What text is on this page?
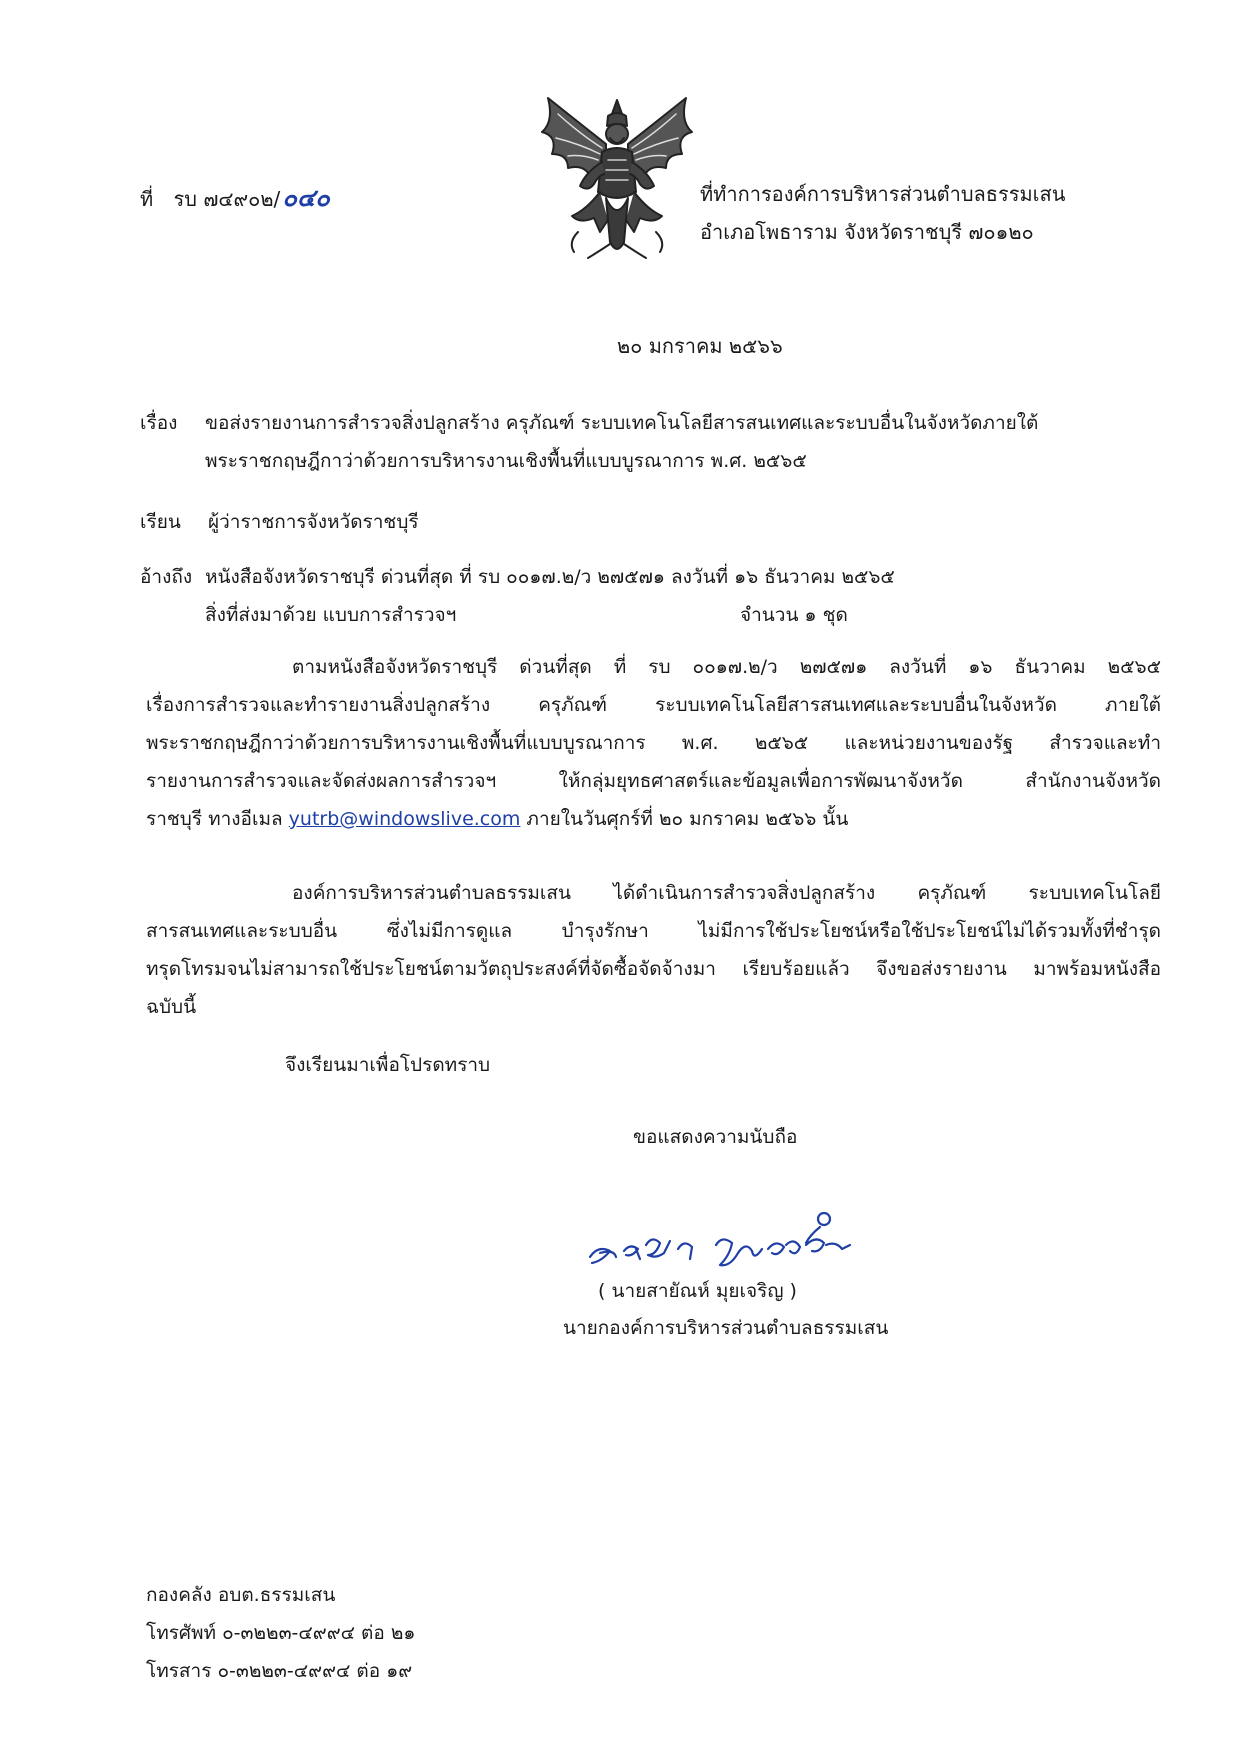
ที่ รบ ๗๔๙๐๒/๐๔๐	ที่ทำการองค์การบริหารส่วนตำบลธรรมเสน
อำเภอโพธาราม จังหวัดราชบุรี ๗๐๑๒๐
๒๐ มกราคม ๒๕๖๖
เรื่อง ขอส่งรายงานการสำรวจสิ่งปลูกสร้าง ครุภัณฑ์ ระบบเทคโนโลยีสารสนเทศและระบบอื่นในจังหวัดภายใต้
พระราชกฤษฎีกาว่าด้วยการบริหารงานเชิงพื้นที่แบบบูรณาการ พ.ศ. ๒๕๖๕
เรียน ผู้ว่าราชการจังหวัดราชบุรี
อ้างถึง หนังสือจังหวัดราชบุรี ด่วนที่สุด ที่ รบ ๐๐๑๗.๒/ว ๒๗๕๗๑ ลงวันที่ ๑๖ ธันวาคม ๒๕๖๕
สิ่งที่ส่งมาด้วย แบบการสำรวจฯ	จำนวน ๑ ชุด
ตามหนังสือจังหวัดราชบุรี ด่วนที่สุด ที่ รบ ๐๐๑๗.๒/ว ๒๗๕๗๑ ลงวันที่ ๑๖ ธันวาคม ๒๕๖๕
เรื่องการสำรวจและทำรายงานสิ่งปลูกสร้าง ครุภัณฑ์ ระบบเทคโนโลยีสารสนเทศและระบบอื่นในจังหวัด ภายใต้
พระราชกฤษฎีกาว่าด้วยการบริหารงานเชิงพื้นที่แบบบูรณาการ พ.ศ. ๒๕๖๕ และหน่วยงานของรัฐ สำรวจและทำ
รายงานการสำรวจและจัดส่งผลการสำรวจฯ ให้กลุ่มยุทธศาสตร์และข้อมูลเพื่อการพัฒนาจังหวัด สำนักงานจังหวัด
ราชบุรี ทางอีเมล yutrb@windowslive.com ภายในวันศุกร์ที่ ๒๐ มกราคม ๒๕๖๖ นั้น
องค์การบริหารส่วนตำบลธรรมเสน ได้ดำเนินการสำรวจสิ่งปลูกสร้าง ครุภัณฑ์ ระบบเทคโนโลยี
สารสนเทศและระบบอื่น ซึ่งไม่มีการดูแล บำรุงรักษา ไม่มีการใช้ประโยชน์หรือใช้ประโยชน์ไม่ได้รวมทั้งที่ชำรุด
ทรุดโทรมจนไม่สามารถใช้ประโยชน์ตามวัตถุประสงค์ที่จัดซื้อจัดจ้างมา เรียบร้อยแล้ว จึงขอส่งรายงาน มาพร้อมหนังสือ
ฉบับนี้
จึงเรียนมาเพื่อโปรดทราบ
ขอแสดงความนับถือ
( นายสายัณห์ มุยเจริญ )
นายกองค์การบริหารส่วนตำบลธรรมเสน
กองคลัง อบต.ธรรมเสน
โทรศัพท์ ๐-๓๒๒๓-๔๙๙๔ ต่อ ๒๑
โทรสาร ๐-๓๒๒๓-๔๙๙๔ ต่อ ๑๙
